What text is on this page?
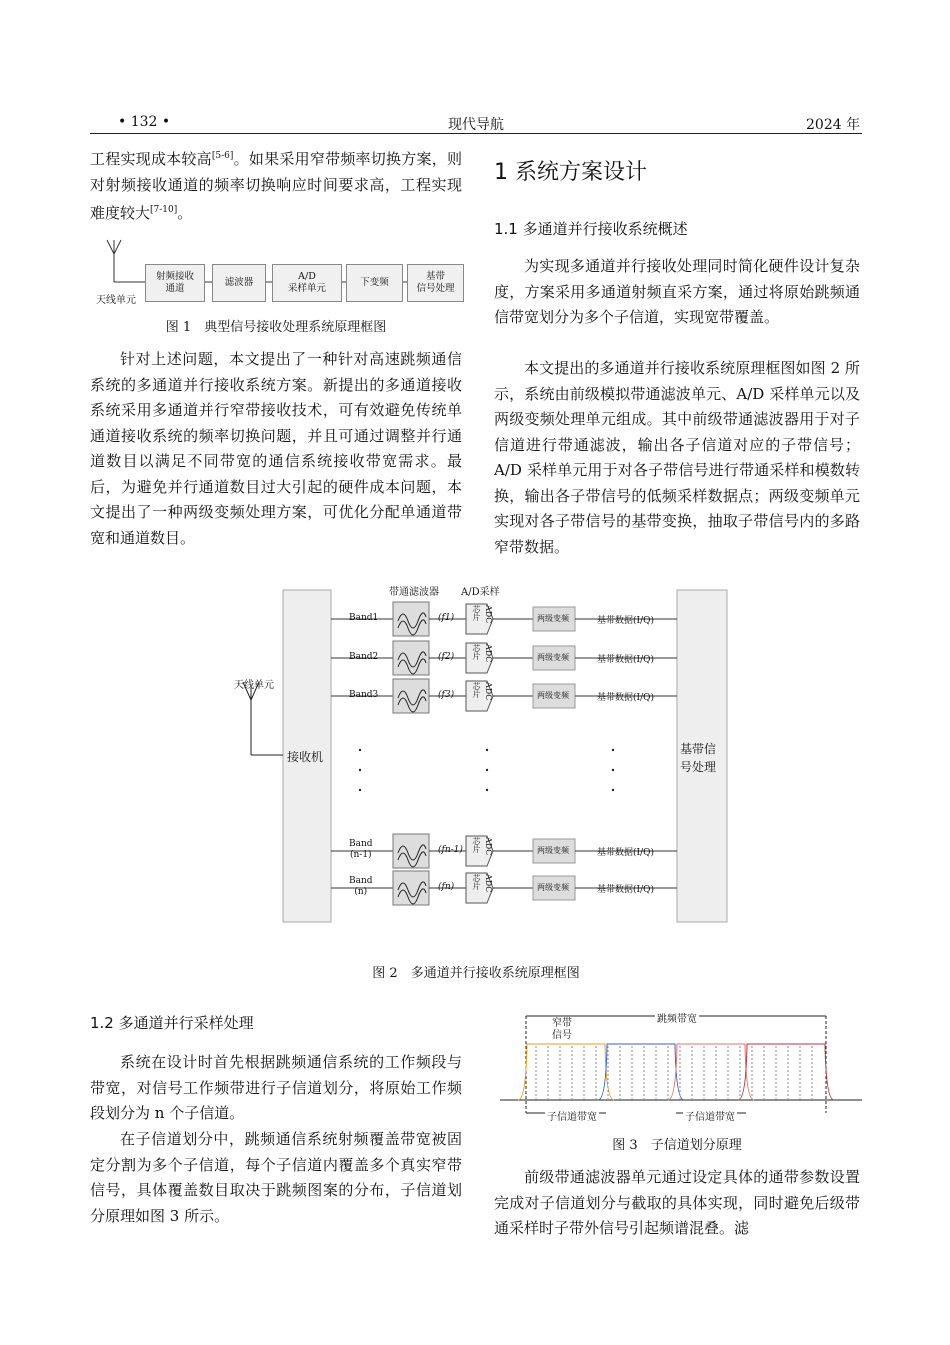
• 132 •	现代导航	2024 年

工程实现成本较高[5-6]。如果采用窄带频率切换方案，则对射频接收通道的频率切换响应时间要求高，工程实现难度较大[7-10]。

天线单元
射频接收
通道
滤波器
A/D
采样单元
下变频
基带
信号处理
图 1　典型信号接收处理系统原理框图

针对上述问题，本文提出了一种针对高速跳频通信系统的多通道并行接收系统方案。新提出的多通道接收系统采用多通道并行窄带接收技术，可有效避免传统单通道接收系统的频率切换问题，并且可通过调整并行通道数目以满足不同带宽的通信系统接收带宽需求。最后，为避免并行通道数目过大引起的硬件成本问题，本文提出了一种两级变频处理方案，可优化分配单通道带宽和通道数目。

1 系统方案设计
1.1 多通道并行接收系统概述

为实现多通道并行接收处理同时简化硬件设计复杂度，方案采用多通道射频直采方案，通过将原始跳频通信带宽划分为多个子信道，实现宽带覆盖。

本文提出的多通道并行接收系统原理框图如图 2 所示，系统由前级模拟带通滤波单元、A/D 采样单元以及两级变频处理单元组成。其中前级带通滤波器用于对子信道进行带通滤波，输出各子信道对应的子带信号；A/D 采样单元用于对各子带信号进行带通采样和模数转换，输出各子带信号的低频采样数据点；两级变频单元实现对各子带信号的基带变换，抽取子带信号内的多路窄带数据。

带通滤波器 A/D采样
天线单元
接收机
基带信
号处理
Band1	(f1)	ADC
芯片	两级变频	基带数据(I/Q)
Band2	(f2)	ADC
芯片	两级变频	基带数据(I/Q)
Band3	(f3)	ADC
芯片	两级变频	基带数据(I/Q)
Band
(n-1)	(fn-1)	ADC
芯片	两级变频	基带数据(I/Q)
Band
(n)	(fn)	ADC
芯片	两级变频	基带数据(I/Q)
图 2　多通道并行接收系统原理框图
1.2 多通道并行采样处理

系统在设计时首先根据跳频通信系统的工作频段与带宽，对信号工作频带进行子信道划分，将原始工作频段划分为 n 个子信道。

在子信道划分中，跳频通信系统射频覆盖带宽被固定分割为多个子信道，每个子信道内覆盖多个真实窄带信号，具体覆盖数目取决于跳频图案的分布，子信道划分原理如图 3 所示。

跳频带宽
窄带
信号
子信道带宽	子信道带宽
图 3　子信道划分原理

前级带通滤波器单元通过设定具体的通带参数设置完成对子信道划分与截取的具体实现，同时避免后级带通采样时子带外信号引起频谱混叠。滤
